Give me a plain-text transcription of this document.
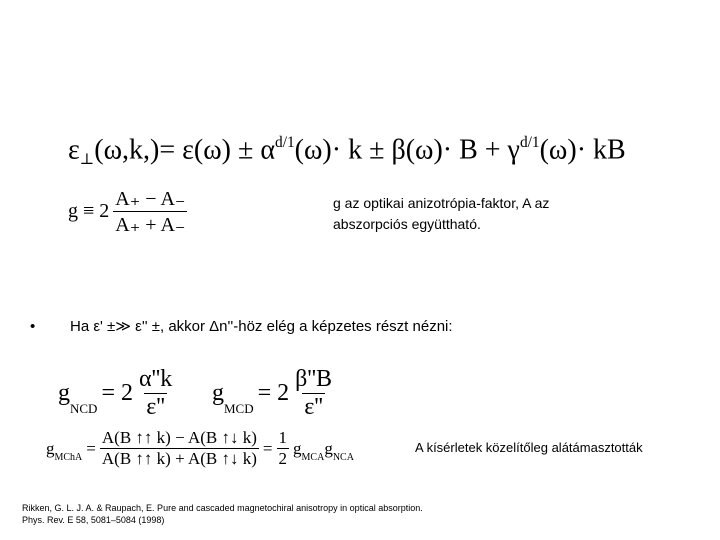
$\varepsilon_\perp(\omega,k,)= \varepsilon(\omega) \pm \alpha^{d/1}(\omega)\cdot k \pm \beta(\omega)\cdot B + \gamma^{d/1}(\omega)\cdot$ kB
$g \equiv 2 \frac{A_+ - A_-}{A_+ + A_-}$	g az optikai anizotrópia-faktor, A az abszorpciós együttható.
• Ha ε' ±≫ ε'' ±, akkor Δn''-höz elég a képzetes részt nézni:
g
NCD
= $2 \frac{\alpha''k}{\varepsilon''}$ g
MCD
= $2 \frac{\beta''B}{\varepsilon''}$
g MChA = $\frac{A(B ↑↑ k) - A(B ↑↓ k)}{A(B ↑↑ k) + A(B ↑↓ k)} = \frac{1}{2}$ g MCA g NCA
A kísérletek közelítőleg alátámasztották
Rikken, G. L. J. A. & Raupach, E. Pure and cascaded magnetochiral anisotropy in optical absorption.
Phys. Rev. E 58, 5081–5084 (1998)
